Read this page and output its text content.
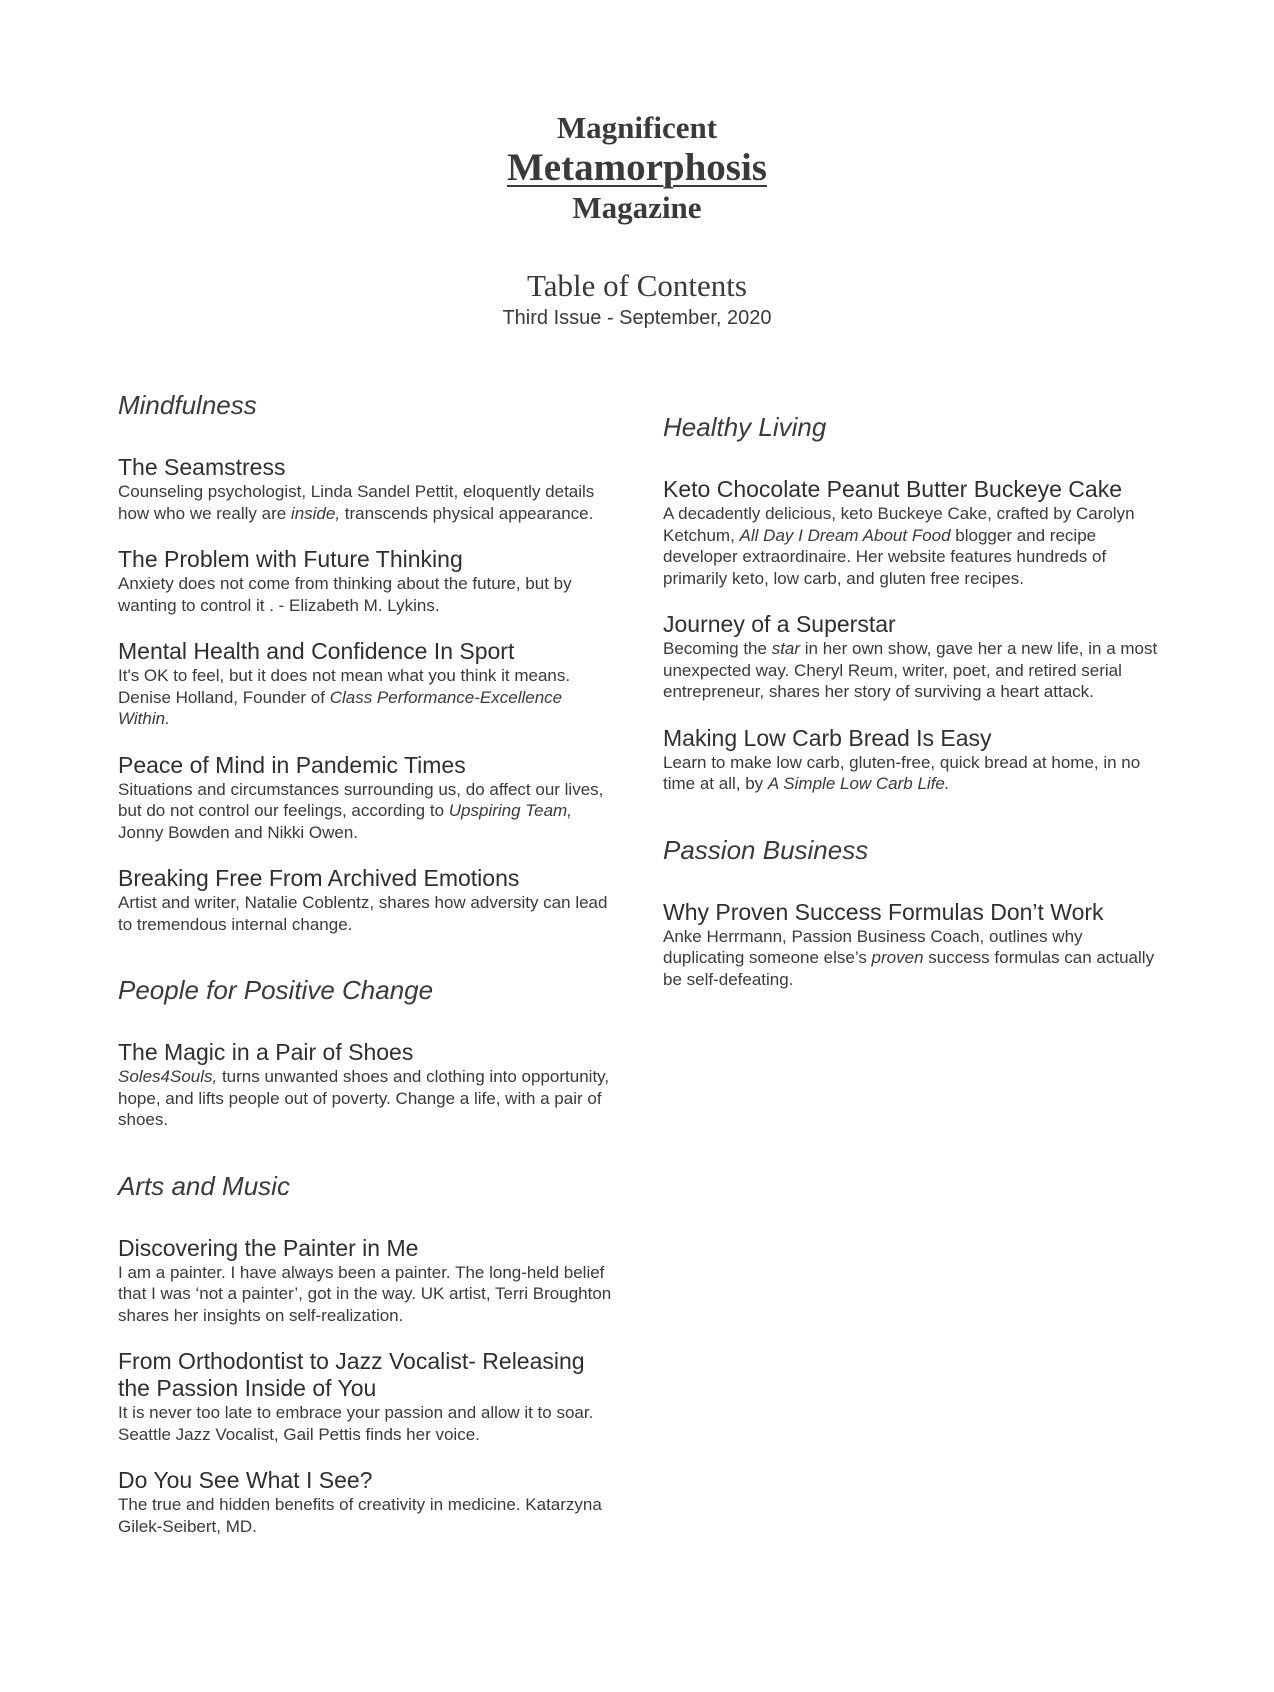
Magnificent
Metamorphosis
Magazine
Table of Contents
Third Issue - September, 2020
Mindfulness
The Seamstress
Counseling psychologist, Linda Sandel Pettit, eloquently details how who we really are inside, transcends physical appearance.
The Problem with Future Thinking
Anxiety does not come from thinking about the future, but by wanting to control it . - Elizabeth M. Lykins.
Mental Health and Confidence In Sport
It's OK to feel, but it does not mean what you think it means. Denise Holland, Founder of Class Performance-Excellence Within.
Peace of Mind in Pandemic Times
Situations and circumstances surrounding us, do affect our lives, but do not control our feelings, according to Upspiring Team, Jonny Bowden and Nikki Owen.
Breaking Free From Archived Emotions
Artist and writer, Natalie Coblentz, shares how adversity can lead to tremendous internal change.
People for Positive Change
The Magic in a Pair of Shoes
Soles4Souls, turns unwanted shoes and clothing into opportunity, hope, and lifts people out of poverty. Change a life, with a pair of shoes.
Arts and Music
Discovering the Painter in Me
I am a painter. I have always been a painter. The long-held belief that I was ‘not a painter’, got in the way. UK artist, Terri Broughton shares her insights on self-realization.
From Orthodontist to Jazz Vocalist- Releasing the Passion Inside of You
It is never too late to embrace your passion and allow it to soar. Seattle Jazz Vocalist, Gail Pettis finds her voice.
Do You See What I See?
The true and hidden benefits of creativity in medicine. Katarzyna Gilek-Seibert, MD.
Healthy Living
Keto Chocolate Peanut Butter Buckeye Cake
A decadently delicious, keto Buckeye Cake, crafted by Carolyn Ketchum, All Day I Dream About Food blogger and recipe developer extraordinaire. Her website features hundreds of primarily keto, low carb, and gluten free recipes.
Journey of a Superstar
Becoming the star in her own show, gave her a new life, in a most unexpected way. Cheryl Reum, writer, poet, and retired serial entrepreneur, shares her story of surviving a heart attack.
Making Low Carb Bread Is Easy
Learn to make low carb, gluten-free, quick bread at home, in no time at all, by A Simple Low Carb Life.
Passion Business
Why Proven Success Formulas Don’t Work
Anke Herrmann, Passion Business Coach, outlines why duplicating someone else’s proven success formulas can actually be self-defeating.
